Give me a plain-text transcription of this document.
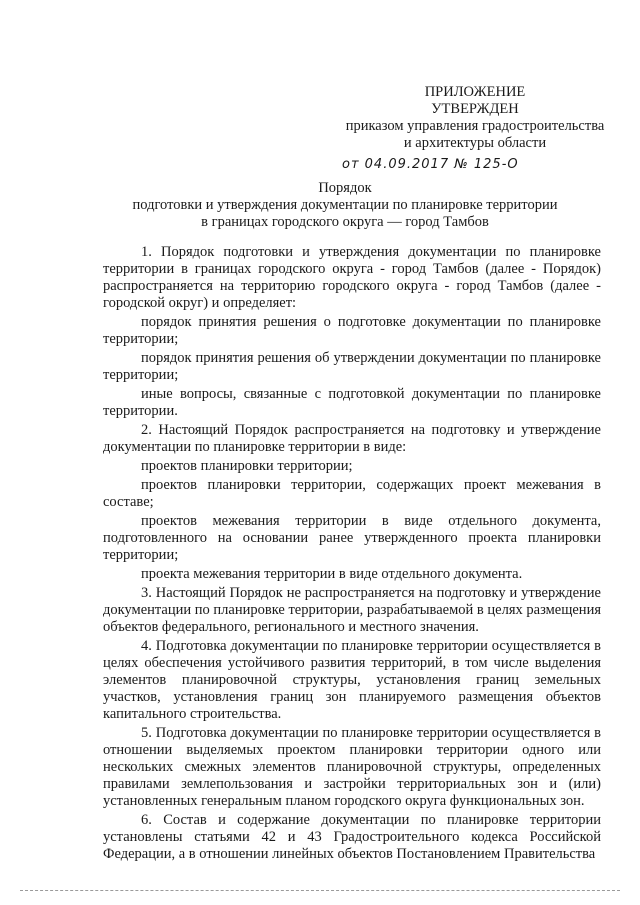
ПРИЛОЖЕНИЕ
УТВЕРЖДЕН
приказом управления градостроительства
и архитектуры области
от 04.09.2017 № 125-О
Порядок
подготовки и утверждения документации по планировке территории
в границах городского округа — город Тамбов

1. Порядок подготовки и утверждения документации по планировке территории в границах городского округа - город Тамбов (далее - Порядок) распространяется на территорию городского округа - город Тамбов (далее - городской округ) и определяет:

порядок принятия решения о подготовке документации по планировке территории;

порядок принятия решения об утверждении документации по планировке территории;

иные вопросы, связанные с подготовкой документации по планировке территории.

2. Настоящий Порядок распространяется на подготовку и утверждение документации по планировке территории в виде:

проектов планировки территории;

проектов планировки территории, содержащих проект межевания в составе;

проектов межевания территории в виде отдельного документа, подготовленного на основании ранее утвержденного проекта планировки территории;

проекта межевания территории в виде отдельного документа.

3. Настоящий Порядок не распространяется на подготовку и утверждение документации по планировке территории, разрабатываемой в целях размещения объектов федерального, регионального и местного значения.

4. Подготовка документации по планировке территории осуществляется в целях обеспечения устойчивого развития территорий, в том числе выделения элементов планировочной структуры, установления границ земельных участков, установления границ зон планируемого размещения объектов капитального строительства.

5. Подготовка документации по планировке территории осуществляется в отношении выделяемых проектом планировки территории одного или нескольких смежных элементов планировочной структуры, определенных правилами землепользования и застройки территориальных зон и (или) установленных генеральным планом городского округа функциональных зон.

6. Состав и содержание документации по планировке территории установлены статьями 42 и 43 Градостроительного кодекса Российской Федерации, а в отношении линейных объектов Постановлением Правительства
